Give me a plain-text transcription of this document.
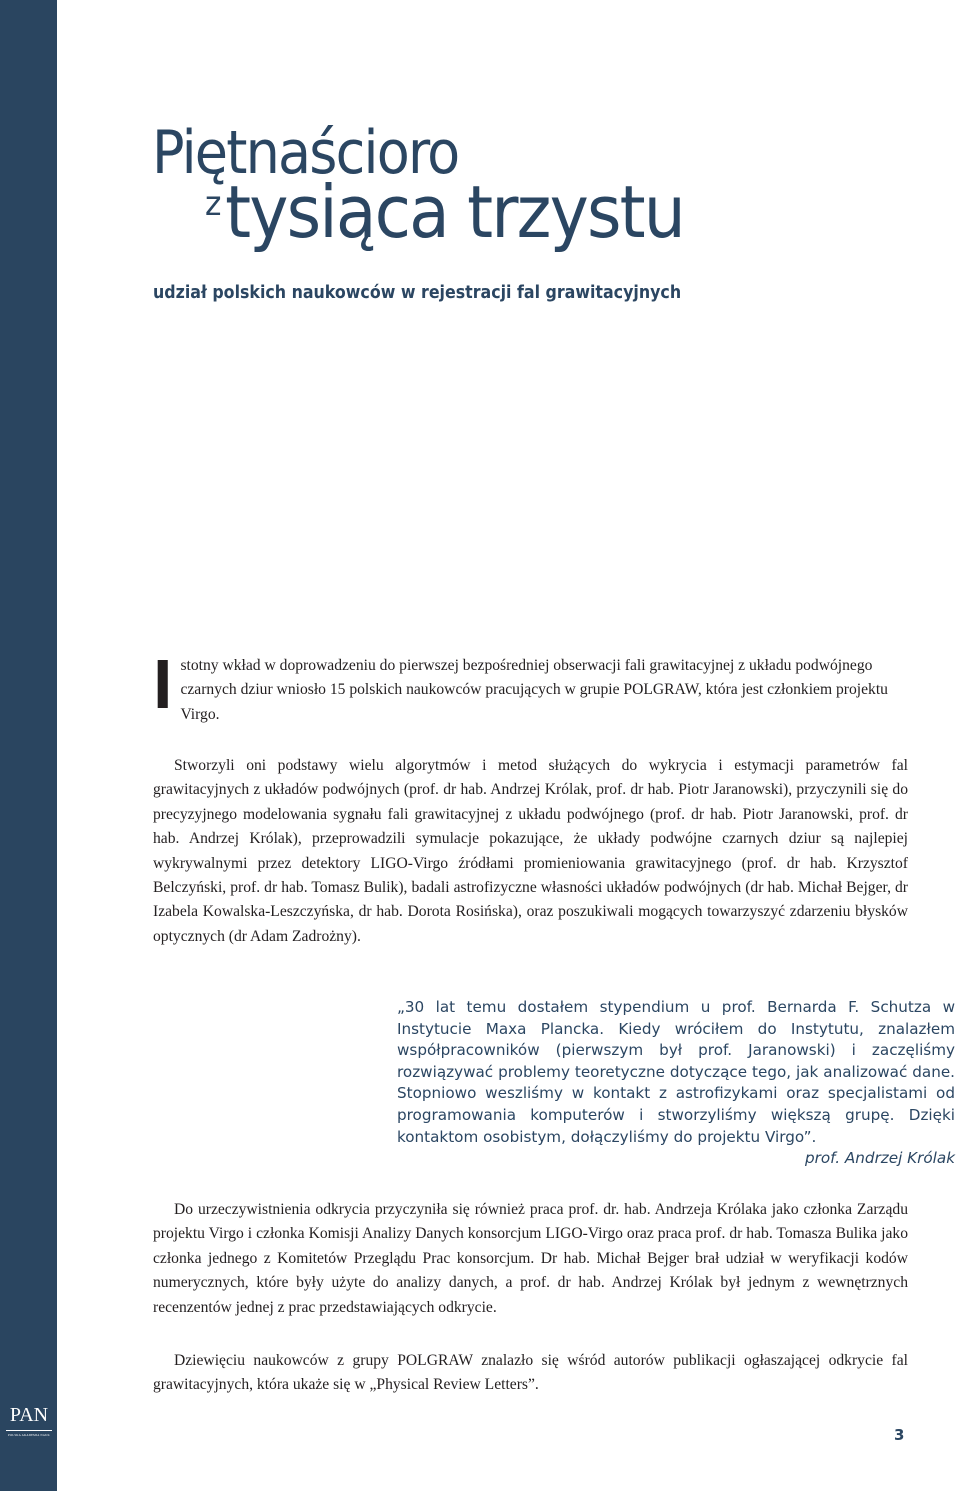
PAN
POLSKA AKADEMIA NAUK
Piętnaścioro
$^z$tysiąca trzystu
udział polskich naukowców w rejestracji fal grawitacyjnych
I stotny wkład w doprowadzeniu do pierwszej bezpośredniej obserwacji fali grawitacyjnej z układu podwójnego czarnych dziur wniosło 15 polskich naukowców pracujących w grupie POLGRAW, która jest członkiem projektu Virgo.

Stworzyli oni podstawy wielu algorytmów i metod służących do wykrycia i estymacji parametrów fal grawitacyjnych z układów podwójnych (prof. dr hab. Andrzej Królak, prof. dr hab. Piotr Jaranowski), przyczynili się do precyzyjnego modelowania sygnału fali grawitacyjnej z układu podwójnego (prof. dr hab. Piotr Jaranowski, prof. dr hab. Andrzej Królak), przeprowadzili symulacje pokazujące, że układy podwójne czarnych dziur są najlepiej wykrywalnymi przez detektory LIGO-Virgo źródłami promieniowania grawitacyjnego (prof. dr hab. Krzysztof Belczyński, prof. dr hab. Tomasz Bulik), badali astrofizyczne własności układów podwójnych (dr hab. Michał Bejger, dr Izabela Kowalska-Leszczyńska, dr hab. Dorota Rosińska), oraz poszukiwali mogących towarzyszyć zdarzeniu błysków optycznych (dr Adam Zadrożny).

„30 lat temu dostałem stypendium u prof. Bernarda F. Schutza w Instytucie Maxa Plancka. Kiedy wróciłem do Instytutu, znalazłem współpracowników (pierwszym był prof. Jaranowski) i zaczęliśmy rozwiązywać problemy teoretyczne dotyczące tego, jak analizować dane. Stopniowo weszliśmy w kontakt z astrofizykami oraz specjalistami od programowania komputerów i stworzyliśmy większą grupę. Dzięki kontaktom osobistym, dołączyliśmy do projektu Virgo”.
prof. Andrzej Królak

Do urzeczywistnienia odkrycia przyczyniła się również praca prof. dr. hab. Andrzeja Królaka jako członka Zarządu projektu Virgo i członka Komisji Analizy Danych konsorcjum LIGO-Virgo oraz praca prof. dr hab. Tomasza Bulika jako członka jednego z Komitetów Przeglądu Prac konsorcjum. Dr hab. Michał Bejger brał udział w weryfikacji kodów numerycznych, które były użyte do analizy danych, a prof. dr hab. Andrzej Królak był jednym z wewnętrznych recenzentów jednej z prac przedstawiających odkrycie.

Dziewięciu naukowców z grupy POLGRAW znalazło się wśród autorów publikacji ogłaszającej odkrycie fal grawitacyjnych, która ukaże się w „Physical Review Letters”.

3
